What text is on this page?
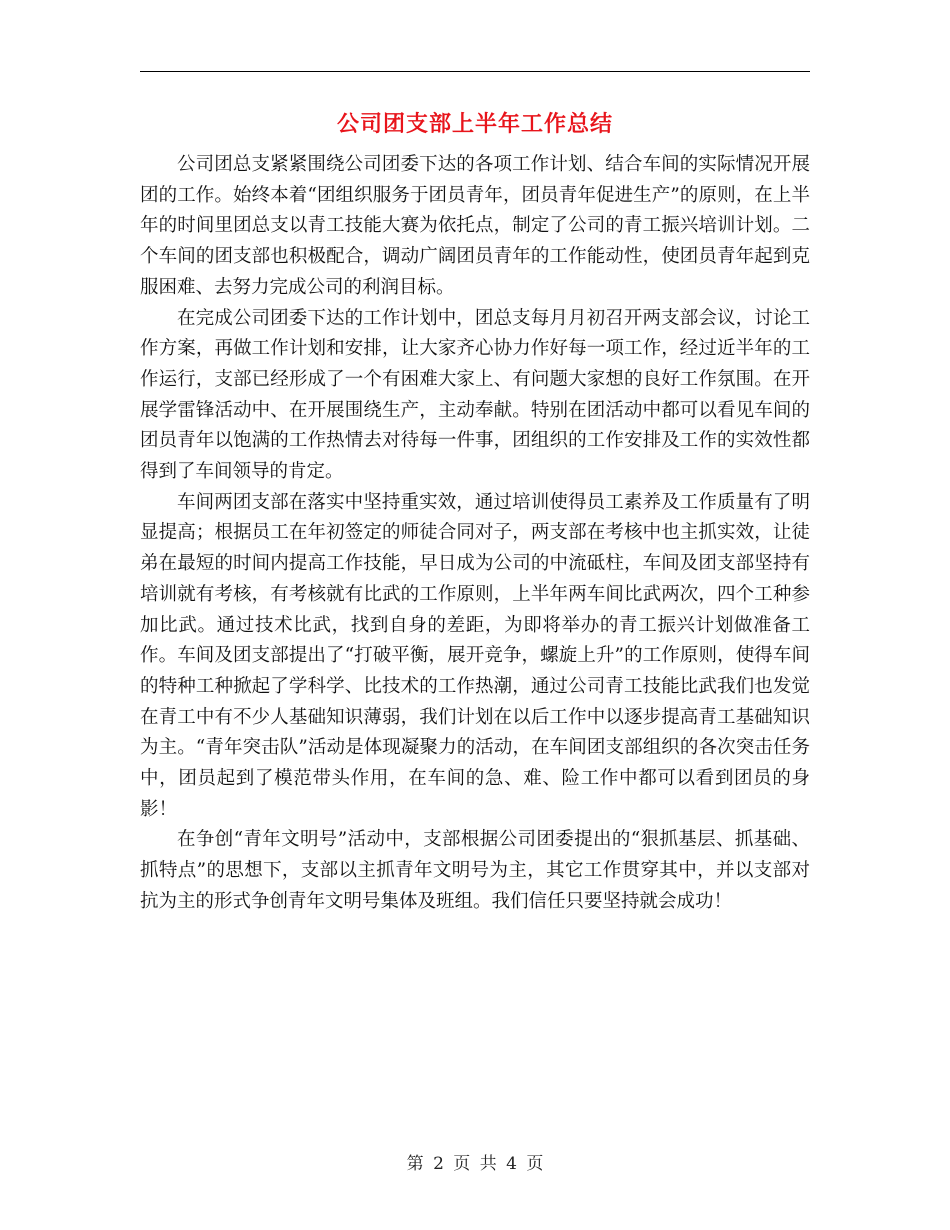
公司团支部上半年工作总结

公司团总支紧紧围绕公司团委下达的各项工作计划、结合车间的实际情况开展团的工作。始终本着“团组织服务于团员青年，团员青年促进生产”的原则，在上半年的时间里团总支以青工技能大赛为依托点，制定了公司的青工振兴培训计划。二个车间的团支部也积极配合，调动广阔团员青年的工作能动性，使团员青年起到克服困难、去努力完成公司的利润目标。

在完成公司团委下达的工作计划中，团总支每月月初召开两支部会议，讨论工作方案，再做工作计划和安排，让大家齐心协力作好每一项工作，经过近半年的工作运行，支部已经形成了一个有困难大家上、有问题大家想的良好工作氛围。在开展学雷锋活动中、在开展围绕生产，主动奉献。特别在团活动中都可以看见车间的团员青年以饱满的工作热情去对待每一件事，团组织的工作安排及工作的实效性都得到了车间领导的肯定。

车间两团支部在落实中坚持重实效，通过培训使得员工素养及工作质量有了明显提高；根据员工在年初签定的师徒合同对子，两支部在考核中也主抓实效，让徒弟在最短的时间内提高工作技能，早日成为公司的中流砥柱，车间及团支部坚持有培训就有考核，有考核就有比武的工作原则，上半年两车间比武两次，四个工种参加比武。通过技术比武，找到自身的差距，为即将举办的青工振兴计划做准备工作。车间及团支部提出了“打破平衡，展开竞争，螺旋上升”的工作原则，使得车间的特种工种掀起了学科学、比技术的工作热潮，通过公司青工技能比武我们也发觉在青工中有不少人基础知识薄弱，我们计划在以后工作中以逐步提高青工基础知识为主。“青年突击队”活动是体现凝聚力的活动，在车间团支部组织的各次突击任务中，团员起到了模范带头作用，在车间的急、难、险工作中都可以看到团员的身影！

在争创“青年文明号”活动中，支部根据公司团委提出的“狠抓基层、抓基础、抓特点”的思想下，支部以主抓青年文明号为主，其它工作贯穿其中，并以支部对抗为主的形式争创青年文明号集体及班组。我们信任只要坚持就会成功！

第 2 页 共 4 页
